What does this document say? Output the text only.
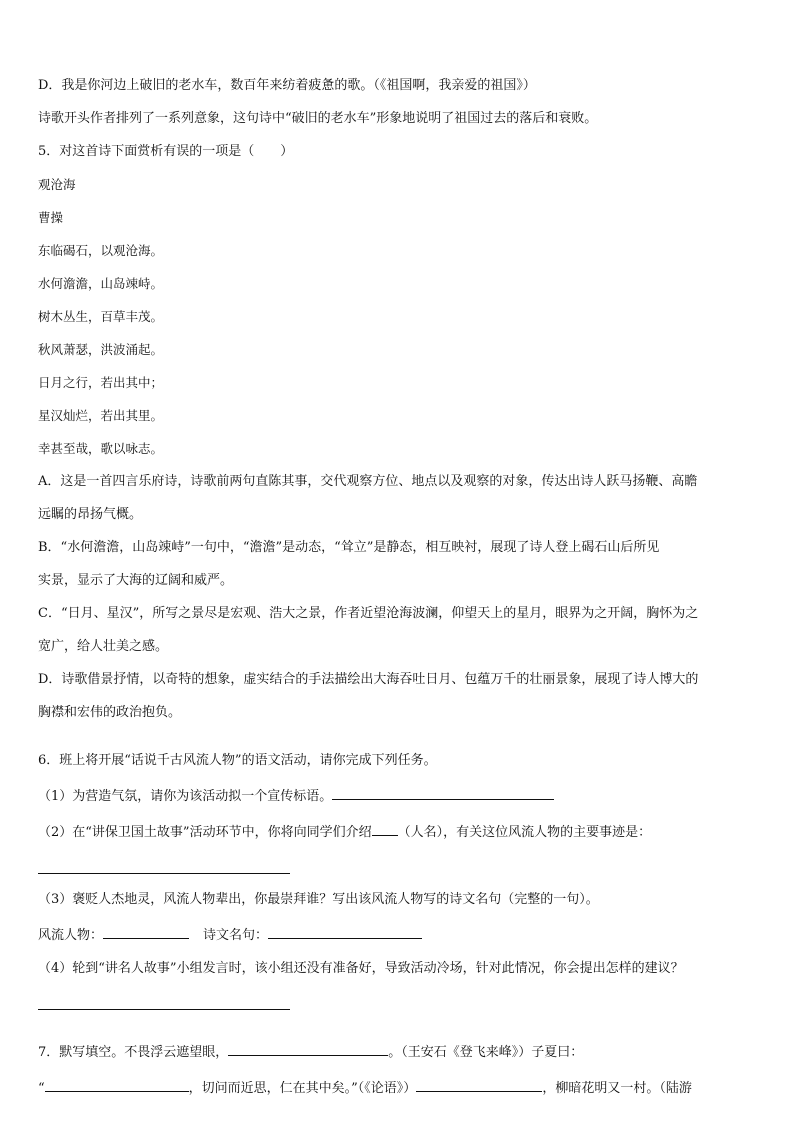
D．我是你河边上破旧的老水车，数百年来纺着疲惫的歌。（《祖国啊，我亲爱的祖国》）
诗歌开头作者排列了一系列意象，这句诗中“破旧的老水车”形象地说明了祖国过去的落后和衰败。
5．对这首诗下面赏析有误的一项是（　　）
观沧海
曹操
东临碣石，以观沧海。
水何澹澹，山岛竦峙。
树木丛生，百草丰茂。
秋风萧瑟，洪波涌起。
日月之行，若出其中；
星汉灿烂，若出其里。
幸甚至哉，歌以咏志。
A．这是一首四言乐府诗，诗歌前两句直陈其事，交代观察方位、地点以及观察的对象，传达出诗人跃马扬鞭、高瞻
远瞩的昂扬气概。
B．“水何澹澹，山岛竦峙”一句中，“澹澹”是动态，“耸立”是静态，相互映衬，展现了诗人登上碣石山后所见
实景，显示了大海的辽阔和威严。
C．“日月、星汉”，所写之景尽是宏观、浩大之景，作者近望沧海波澜，仰望天上的星月，眼界为之开阔，胸怀为之
宽广，给人壮美之感。
D．诗歌借景抒情，以奇特的想象，虚实结合的手法描绘出大海吞吐日月、包蕴万千的壮丽景象，展现了诗人博大的
胸襟和宏伟的政治抱负。
6．班上将开展“话说千古风流人物”的语文活动，请你完成下列任务。
（1）为营造气氛，请你为该活动拟一个宣传标语。
（2）在“讲保卫国土故事”活动环节中，你将向同学们介绍 （人名），有关这位风流人物的主要事迹是：
（3）褒贬人杰地灵，风流人物辈出，你最崇拜谁？写出该风流人物写的诗文名句（完整的一句）。
风流人物：	诗文名句：
（4）轮到“讲名人故事”小组发言时，该小组还没有准备好，导致活动冷场，针对此情况，你会提出怎样的建议？
7．默写填空。不畏浮云遮望眼，	。（王安石《登飞来峰》）子夏曰：
“	，切问而近思，仁在其中矣。”（《论语》）	，柳暗花明又一村。（陆游
